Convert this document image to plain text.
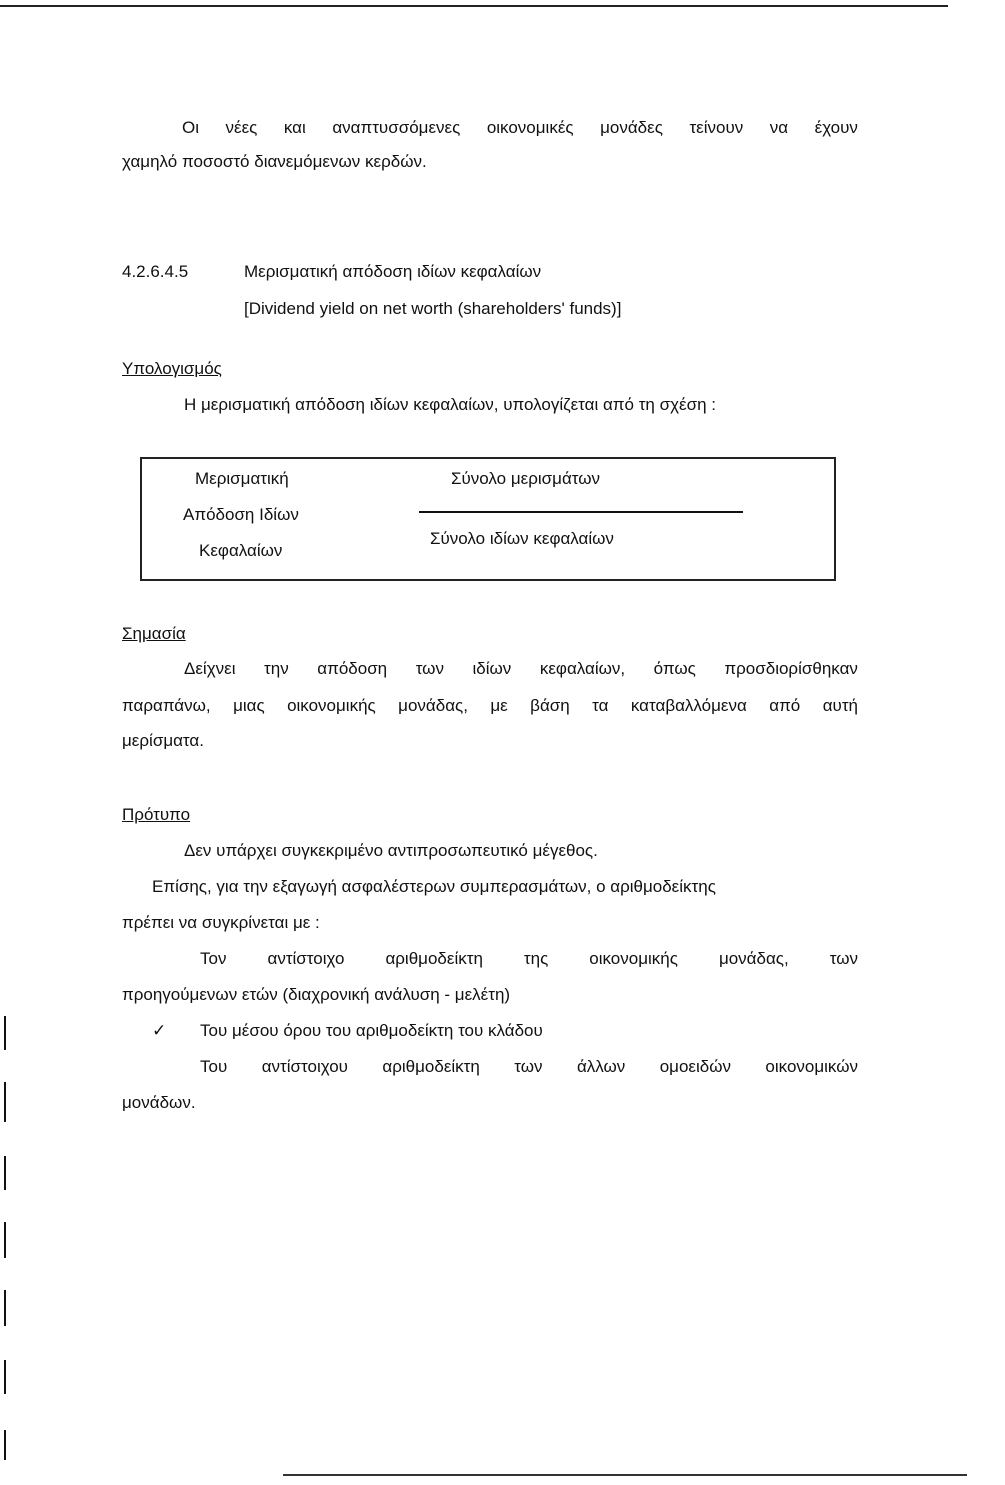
Οι νέες και αναπτυσσόμενες οικονομικές μονάδες τείνουν να έχουν
χαμηλό ποσοστό διανεμόμενων κερδών.
4.2.6.4.5	Μερισματική απόδοση ιδίων κεφαλαίων
[Dividend yield on net worth (shareholders' funds)]
Υπολογισμός
Η μερισματική απόδοση ιδίων κεφαλαίων, υπολογίζεται από τη σχέση :
Μερισματική
Απόδοση Ιδίων
Κεφαλαίων
Σύνολο μερισμάτων
Σύνολο ιδίων κεφαλαίων
Σημασία
Δείχνει την απόδοση των ιδίων κεφαλαίων, όπως προσδιορίσθηκαν
παραπάνω, μιας οικονομικής μονάδας, με βάση τα καταβαλλόμενα από αυτή
μερίσματα.
Πρότυπο
Δεν υπάρχει συγκεκριμένο αντιπροσωπευτικό μέγεθος.
Επίσης, για την εξαγωγή ασφαλέστερων συμπερασμάτων, ο αριθμοδείκτης
πρέπει να συγκρίνεται με :
Τον αντίστοιχο αριθμοδείκτη της οικονομικής μονάδας, των
προηγούμενων ετών (διαχρονική ανάλυση - μελέτη)
✓ Του μέσου όρου του αριθμοδείκτη του κλάδου
Του αντίστοιχου αριθμοδείκτη των άλλων ομοειδών οικονομικών
μονάδων.
